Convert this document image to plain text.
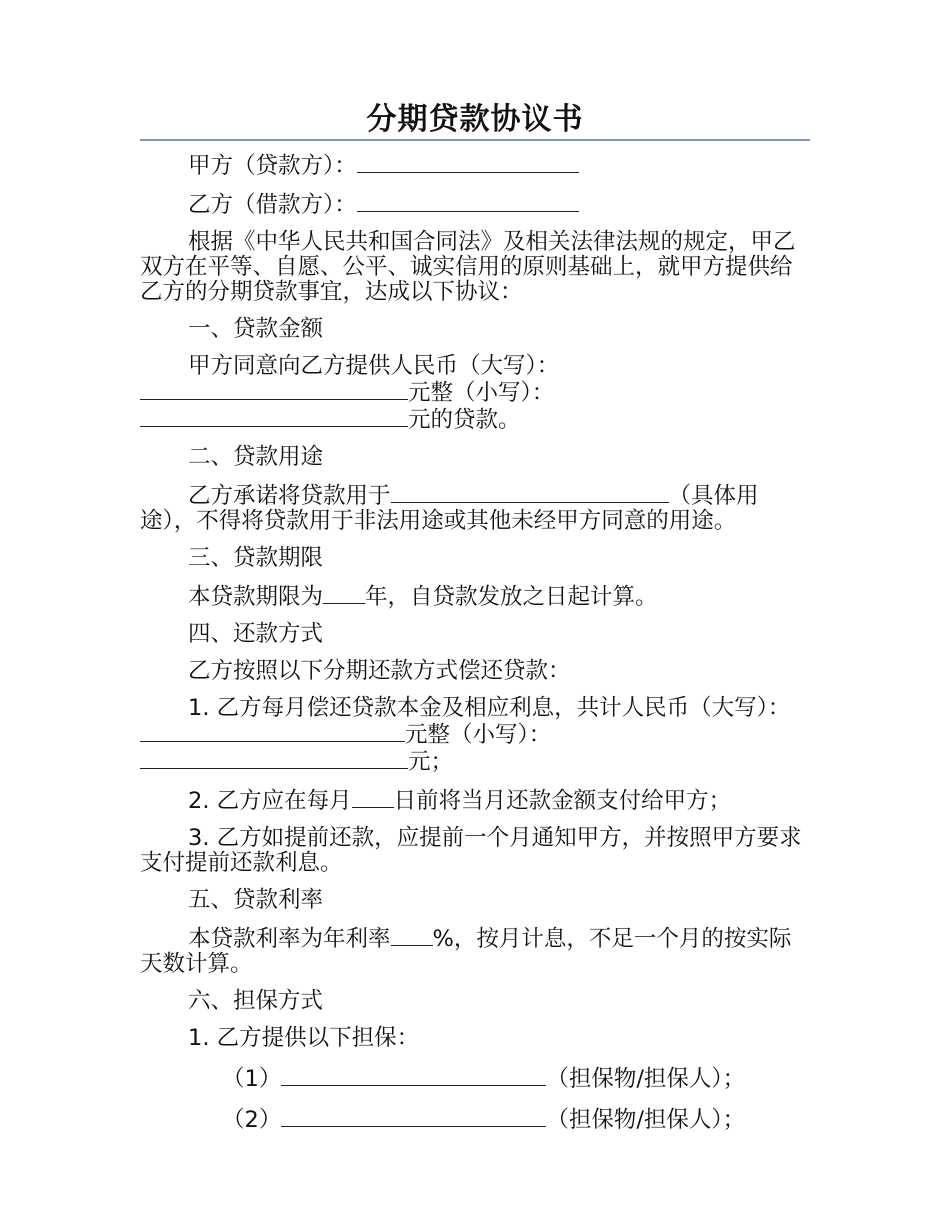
分期贷款协议书

甲方（贷款方）：

乙方（借款方）：

根据《中华人民共和国合同法》及相关法律法规的规定，甲乙双方在平等、自愿、公平、诚实信用的原则基础上，就甲方提供给乙方的分期贷款事宜，达成以下协议：

一、贷款金额

甲方同意向乙方提供人民币（大写）：元整（小写）：元的贷款。

二、贷款用途

乙方承诺将贷款用于	（具体用途），不得将贷款用于非法用途或其他未经甲方同意的用途。

三、贷款期限

本贷款期限为 年，自贷款发放之日起计算。

四、还款方式

乙方按照以下分期还款方式偿还贷款：

1. 乙方每月偿还贷款本金及相应利息，共计人民币（大写）：元整（小写）：元；

2. 乙方应在每月 日前将当月还款金额支付给甲方；

3. 乙方如提前还款，应提前一个月通知甲方，并按照甲方要求支付提前还款利息。

五、贷款利率

本贷款利率为年利率 %，按月计息，不足一个月的按实际天数计算。

六、担保方式

1. 乙方提供以下担保：

（1）	（担保物/担保人）；

（2）	（担保物/担保人）；
